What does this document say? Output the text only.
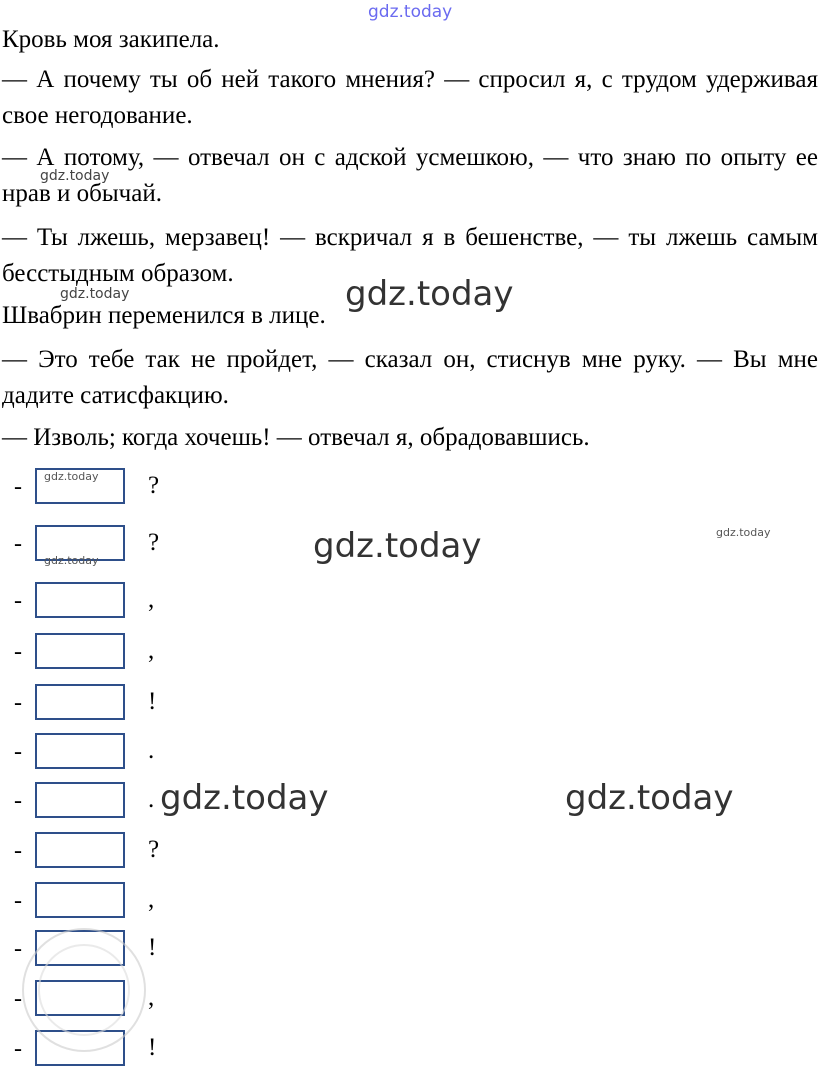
Кровь моя закипела.

— А почему ты об ней такого мнения? — спросил я, с трудом удерживая свое негодование.

— А потому, — отвечал он с адской усмешкою, — что знаю по опыту ее нрав и обычай.

— Ты лжешь, мерзавец! — вскричал я в бешенстве, — ты лжешь самым бесстыдным образом.

Швабрин переменился в лице.

— Это тебе так не пройдет, — сказал он, стиснув мне руку. — Вы мне дадите сатисфакцию.

— Изволь; когда хочешь! — отвечал я, обрадовавшись.

-	?
-	?
-	,
-	,
-	!
-	.
-	.
-	?
-	,
-	!
-	,
-	!
gdz.today
gdz.today
gdz.today	gdz.today
gdz.today
gdz.today
gdz.today
gdz.today
gdz.today	gdz.today
